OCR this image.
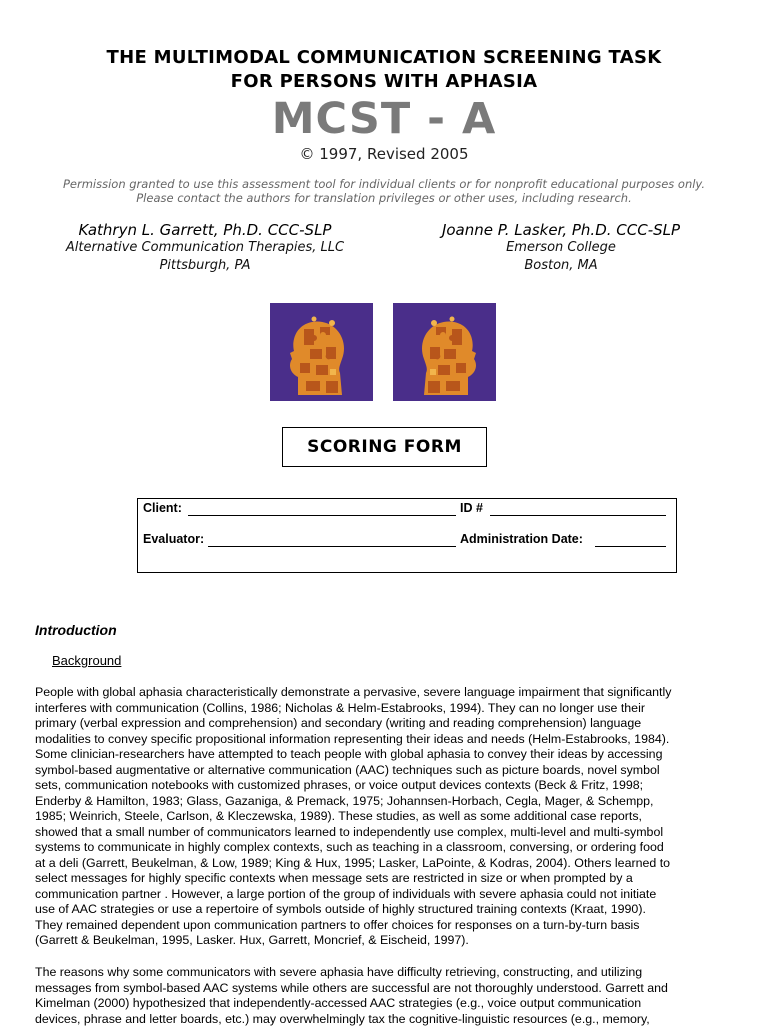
THE MULTIMODAL COMMUNICATION SCREENING TASK
FOR PERSONS WITH APHASIA
MCST - A
© 1997, Revised 2005
Permission granted to use this assessment tool for individual clients or for nonprofit educational purposes only.
Please contact the authors for translation privileges or other uses, including research.
Kathryn L. Garrett, Ph.D. CCC-SLP
Alternative Communication Therapies, LLC
Pittsburgh, PA
Joanne P. Lasker, Ph.D. CCC-SLP
Emerson College
Boston, MA
SCORING FORM
Client:	ID #
Evaluator:	Administration Date:
Introduction
Background
People with global aphasia characteristically demonstrate a pervasive, severe language impairment that significantly
interferes with communication (Collins, 1986; Nicholas & Helm-Estabrooks, 1994). They can no longer use their
primary (verbal expression and comprehension) and secondary (writing and reading comprehension) language
modalities to convey specific propositional information representing their ideas and needs (Helm-Estabrooks, 1984).
Some clinician-researchers have attempted to teach people with global aphasia to convey their ideas by accessing
symbol-based augmentative or alternative communication (AAC) techniques such as picture boards, novel symbol
sets, communication notebooks with customized phrases, or voice output devices contexts (Beck & Fritz, 1998;
Enderby & Hamilton, 1983; Glass, Gazaniga, & Premack, 1975; Johannsen-Horbach, Cegla, Mager, & Schempp,
1985; Weinrich, Steele, Carlson, & Kleczewska, 1989). These studies, as well as some additional case reports,
showed that a small number of communicators learned to independently use complex, multi-level and multi-symbol
systems to communicate in highly complex contexts, such as teaching in a classroom, conversing, or ordering food
at a deli (Garrett, Beukelman, & Low, 1989; King & Hux, 1995; Lasker, LaPointe, & Kodras, 2004). Others learned to
select messages for highly specific contexts when message sets are restricted in size or when prompted by a
communication partner . However, a large portion of the group of individuals with severe aphasia could not initiate
use of AAC strategies or use a repertoire of symbols outside of highly structured training contexts (Kraat, 1990).
They remained dependent upon communication partners to offer choices for responses on a turn-by-turn basis
(Garrett & Beukelman, 1995, Lasker. Hux, Garrett, Moncrief, & Eischeid, 1997).
The reasons why some communicators with severe aphasia have difficulty retrieving, constructing, and utilizing
messages from symbol-based AAC systems while others are successful are not thoroughly understood. Garrett and
Kimelman (2000) hypothesized that independently-accessed AAC strategies (e.g., voice output communication
devices, phrase and letter boards, etc.) may overwhelmingly tax the cognitive-linguistic resources (e.g., memory,
